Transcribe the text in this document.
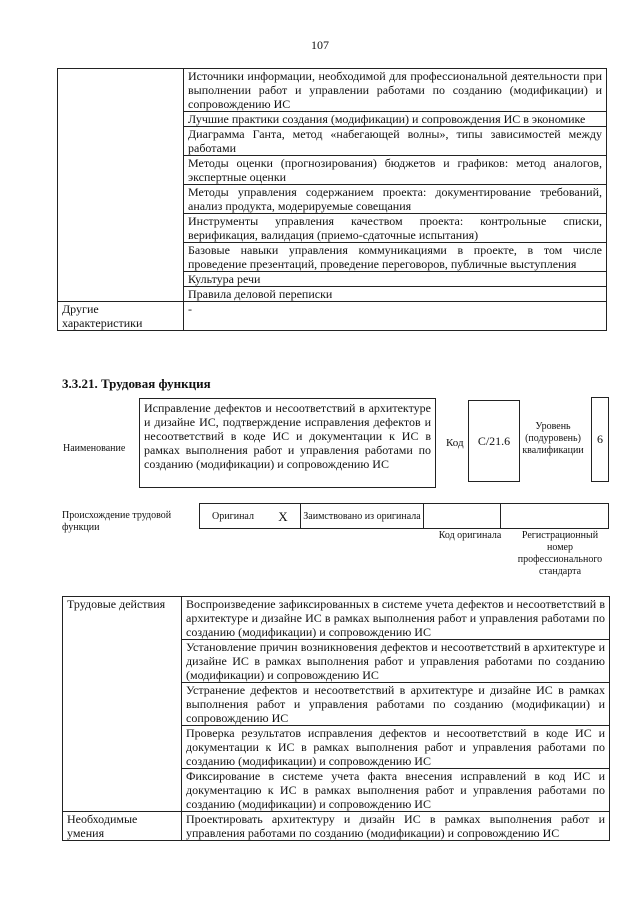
107
	Источники информации, необходимой для профессиональной деятельности при выполнении работ и управлении работами по созданию (модификации) и сопровождению ИС
	Лучшие практики создания (модификации) и сопровождения ИС в экономике
	Диаграмма Ганта, метод «набегающей волны», типы зависимостей между работами
	Методы оценки (прогнозирования) бюджетов и графиков: метод аналогов, экспертные оценки
	Методы управления содержанием проекта: документирование требований, анализ продукта, модерируемые совещания
	Инструменты управления качеством проекта: контрольные списки, верификация, валидация (приемо-сдаточные испытания)
	Базовые навыки управления коммуникациями в проекте, в том числе проведение презентаций, проведение переговоров, публичные выступления
	Культура речи
	Правила деловой переписки
Другие характеристики	-
3.3.21. Трудовая функция
Наименование
Исправление дефектов и несоответствий в архитектуре и дизайне ИС, подтверждение исправления дефектов и несоответствий в коде ИС и документации к ИС в рамках выполнения работ и управления работами по созданию (модификации) и сопровождению ИС
Код	C/21.6
Уровень (подуровень) квалификации
6
Происхождение трудовой функции
Оригинал	X	Заимствовано из оригинала		
Код оригинала	Регистрационный номер профессионального стандарта
Трудовые действия	Воспроизведение зафиксированных в системе учета дефектов и несоответствий в архитектуре и дизайне ИС в рамках выполнения работ и управления работами по созданию (модификации) и сопровождению ИС
	Установление причин возникновения дефектов и несоответствий в архитектуре и дизайне ИС в рамках выполнения работ и управления работами по созданию (модификации) и сопровождению ИС
	Устранение дефектов и несоответствий в архитектуре и дизайне ИС в рамках выполнения работ и управления работами по созданию (модификации) и сопровождению ИС
	Проверка результатов исправления дефектов и несоответствий в коде ИС и документации к ИС в рамках выполнения работ и управления работами по созданию (модификации) и сопровождению ИС
	Фиксирование в системе учета факта внесения исправлений в код ИС и документацию к ИС в рамках выполнения работ и управления работами по созданию (модификации) и сопровождению ИС
Необходимые умения	Проектировать архитектуру и дизайн ИС в рамках выполнения работ и управления работами по созданию (модификации) и сопровождению ИС
